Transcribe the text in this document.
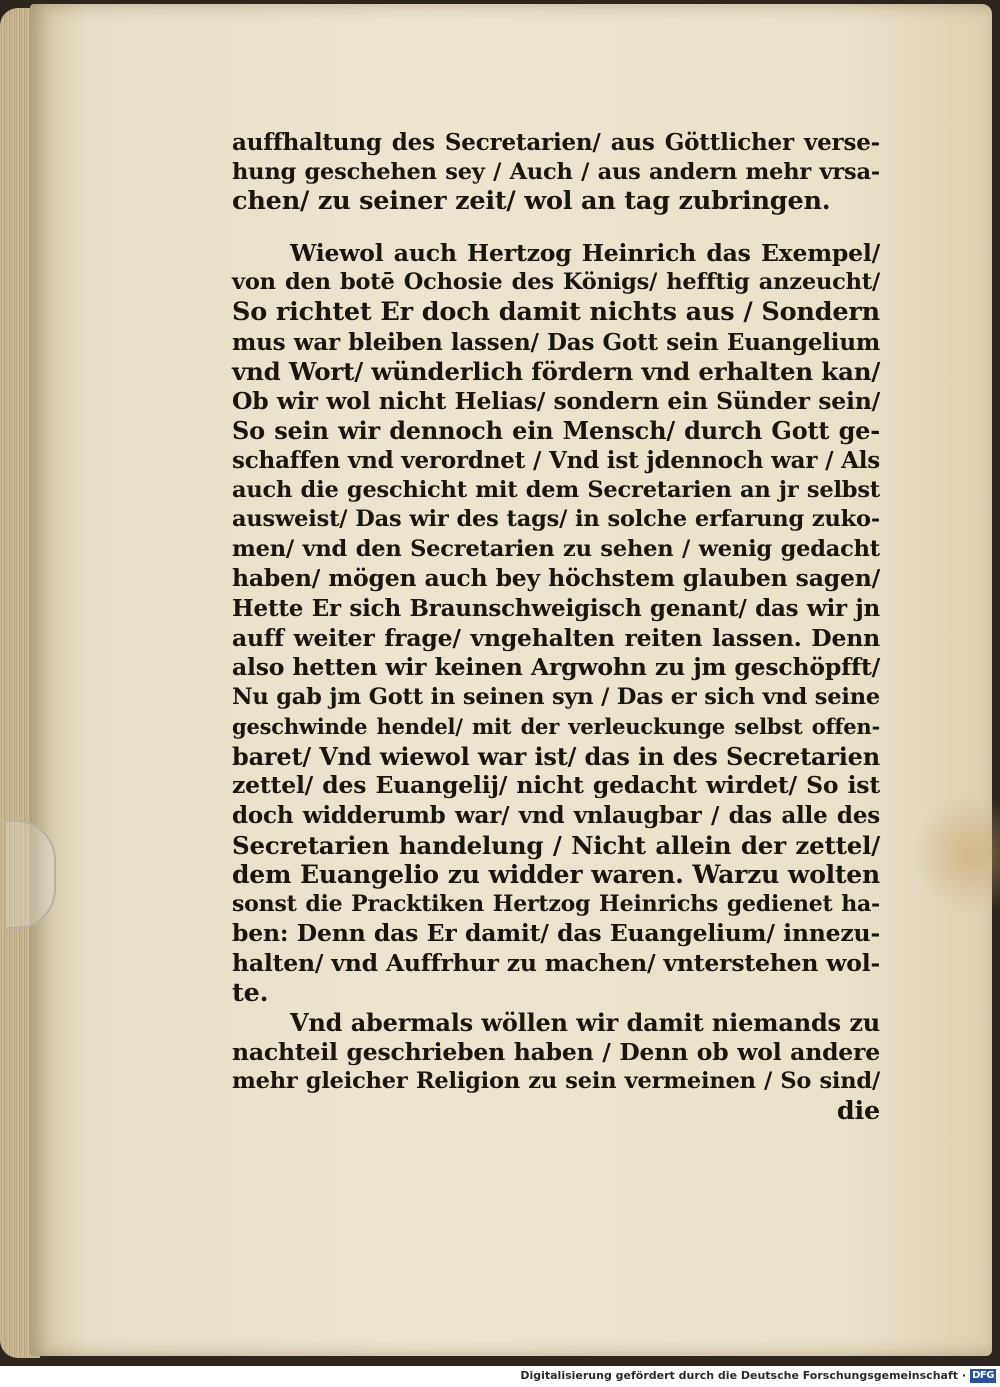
auffhaltung des Secretarien/ aus Göttlicher verse-
hung geschehen sey / Auch / aus andern mehr vrsa-
chen/ zu seiner zeit/ wol an tag zubringen.
Wiewol auch Hertzog Heinrich das Exempel/
von den botē Ochosie des Königs/ hefftig anzeucht/
So richtet Er doch damit nichts aus / Sondern
mus war bleiben lassen/ Das Gott sein Euangelium
vnd Wort/ wünderlich fördern vnd erhalten kan/
Ob wir wol nicht Helias/ sondern ein Sünder sein/
So sein wir dennoch ein Mensch/ durch Gott ge-
schaffen vnd verordnet / Vnd ist jdennoch war / Als
auch die geschicht mit dem Secretarien an jr selbst
ausweist/ Das wir des tags/ in solche erfarung zuko-
men/ vnd den Secretarien zu sehen / wenig gedacht
haben/ mögen auch bey höchstem glauben sagen/
Hette Er sich Braunschweigisch genant/ das wir jn
auff weiter frage/ vngehalten reiten lassen. Denn
also hetten wir keinen Argwohn zu jm geschöpfft/
Nu gab jm Gott in seinen syn / Das er sich vnd seine
geschwinde hendel/ mit der verleuckunge selbst offen-
baret/ Vnd wiewol war ist/ das in des Secretarien
zettel/ des Euangelij/ nicht gedacht wirdet/ So ist
doch widderumb war/ vnd vnlaugbar / das alle des
Secretarien handelung / Nicht allein der zettel/
dem Euangelio zu widder waren. Warzu wolten
sonst die Pracktiken Hertzog Heinrichs gedienet ha-
ben: Denn das Er damit/ das Euangelium/ innezu-
halten/ vnd Auffrhur zu machen/ vnterstehen wol-
te.
Vnd abermals wöllen wir damit niemands zu
nachteil geschrieben haben / Denn ob wol andere
mehr gleicher Religion zu sein vermeinen / So sind/
die
Digitalisierung gefördert durch die Deutsche Forschungsgemeinschaft · DFG
